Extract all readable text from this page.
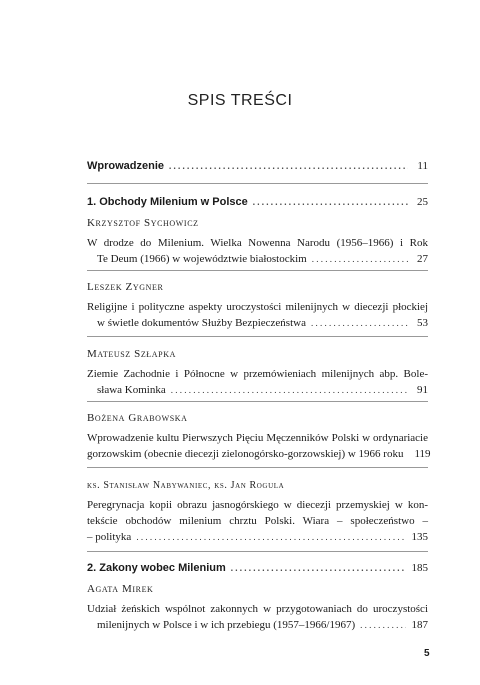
SPIS TREŚCI
Wprowadzenie . . .	11
1. Obchody Milenium w Polsce . . .	25
Krzysztof Sychowicz
W drodze do Milenium. Wielka Nowenna Narodu (1956–1966) i Rok
Te Deum (1966) w województwie białostockim . . .	27
Leszek Zygner
Religijne i polityczne aspekty uroczystości milenijnych w diecezji płockiej
w świetle dokumentów Służby Bezpieczeństwa . . .	53
Mateusz Szłapka
Ziemie Zachodnie i Północne w przemówieniach milenijnych abp. Bole-
sława Kominka . . .	91
Bożena Grabowska
Wprowadzenie kultu Pierwszych Pięciu Męczenników Polski w ordynariacie
gorzowskim (obecnie diecezji zielonogórsko-gorzowskiej) w 1966 roku 119
ks. Stanisław Nabywaniec, ks. Jan Rogula
Peregrynacja kopii obrazu jasnogórskiego w diecezji przemyskiej w kon-
tekście obchodów milenium chrztu Polski. Wiara – społeczeństwo –
– polityka . . .	135
2. Zakony wobec Milenium . . .	185
Agata Mirek
Udział żeńskich wspólnot zakonnych w przygotowaniach do uroczystości
milenijnych w Polsce i w ich przebiegu (1957–1966/1967) . . .	187
5
